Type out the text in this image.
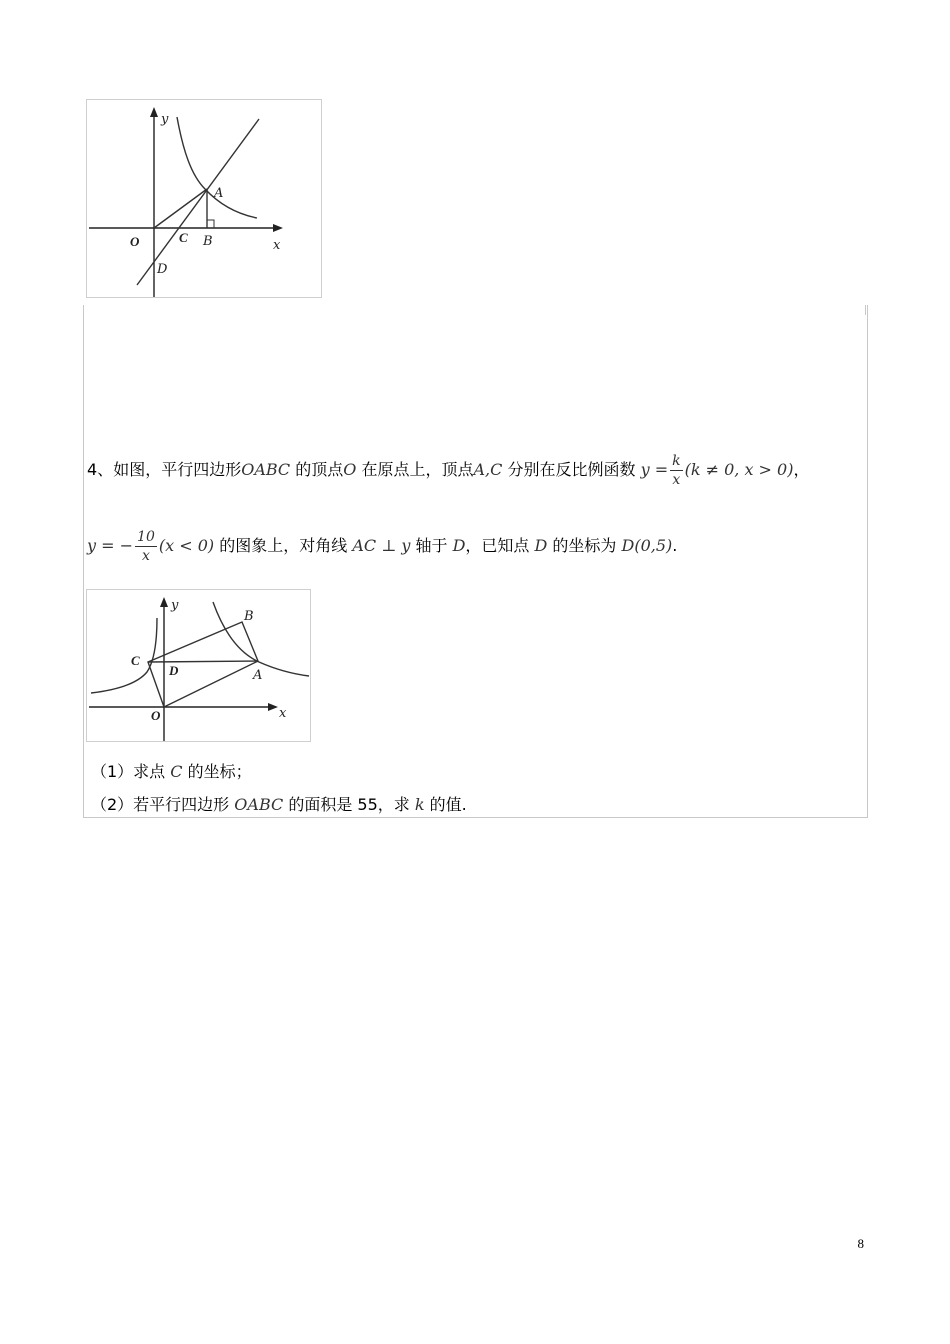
y
x
O
A
B
C
D
4、如图，平行四边形OABC 的顶点O 在原点上，顶点A,C 分别在反比例函数 $y = \frac{k}{x} (k \ne 0$, x > 0)，
y = − $\frac{10}{x} (x < 0)$ 的图象上，对角线 AC ⊥ y 轴于 D，已知点 D 的坐标为 D(0,5).
y
x
O
A
B
C
D
（1）求点 C 的坐标；
（2）若平行四边形 OABC 的面积是 55，求 k 的值.
8
